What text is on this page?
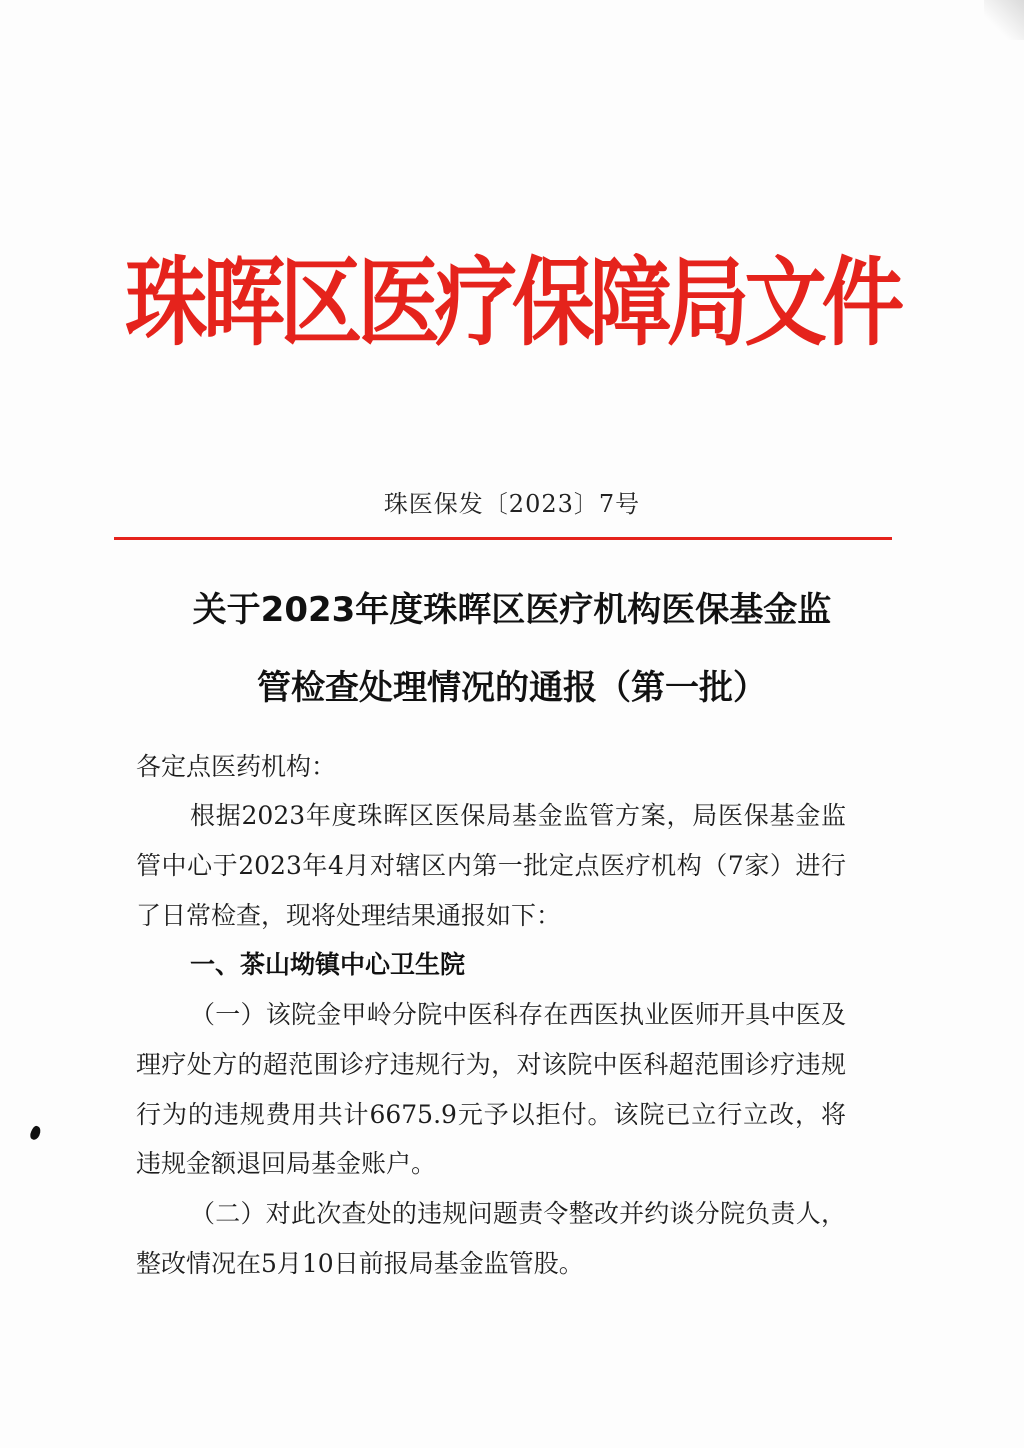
珠晖区医疗保障局文件
珠医保发〔2023〕7号
关于2023年度珠晖区医疗机构医保基金监
管检查处理情况的通报（第一批）
各定点医药机构：
根据2023年度珠晖区医保局基金监管方案，局医保基金监管中心于2023年4月对辖区内第一批定点医疗机构（7家）进行了日常检查，现将处理结果通报如下：
一、茶山坳镇中心卫生院
（一）该院金甲岭分院中医科存在西医执业医师开具中医及理疗处方的超范围诊疗违规行为，对该院中医科超范围诊疗违规行为的违规费用共计6675.9元予以拒付。该院已立行立改，将违规金额退回局基金账户。
（二）对此次查处的违规问题责令整改并约谈分院负责人，整改情况在5月10日前报局基金监管股。
